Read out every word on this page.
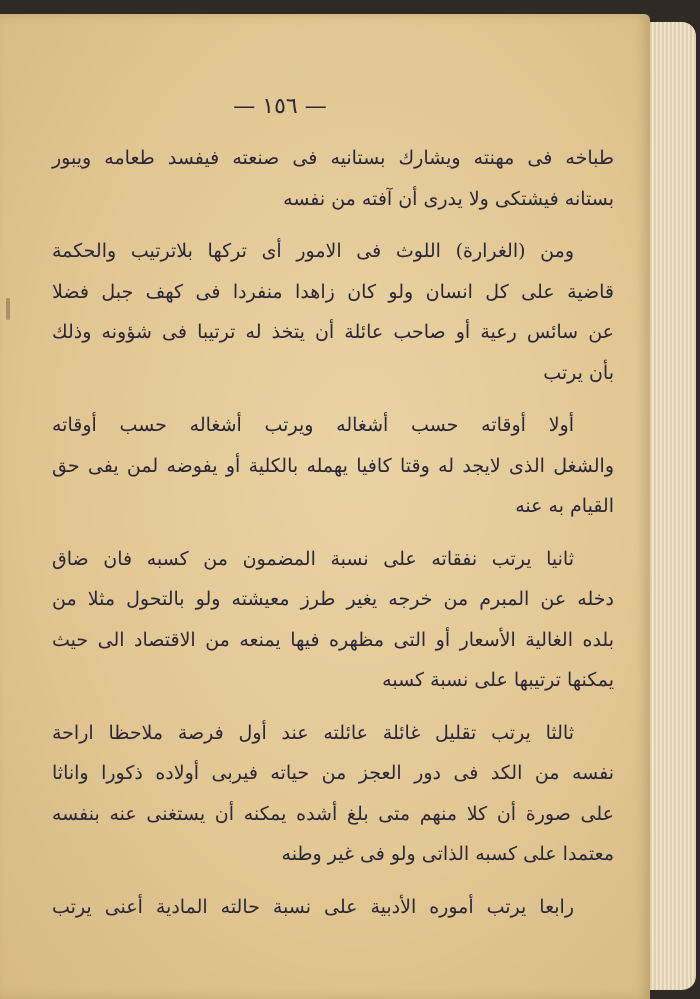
— ١٥٦ —
طباخه فى مهنته ويشارك بستانيه فى صنعته فيفسد طعامه ويبور
بستانه فيشتكى ولا يدرى أن آفته من نفسه
ومن (الغرارة) اللوث فى الامور أى تركها بلاترتيب والحكمة
قاضية على كل انسان ولو كان زاهدا منفردا فى كهف جبل فضلا
عن سائس رعية أو صاحب عائلة أن يتخذ له ترتيبا فى شؤونه وذلك
بأن يرتب
أولا أوقاته حسب أشغاله ويرتب أشغاله حسب أوقاته
والشغل الذى لايجد له وقتا كافيا يهمله بالكلية أو يفوضه لمن يفى حق
القيام به عنه
ثانيا يرتب نفقاته على نسبة المضمون من كسبه فان ضاق
دخله عن المبرم من خرجه يغير طرز معيشته ولو بالتحول مثلا من
بلده الغالية الأسعار أو التى مظهره فيها يمنعه من الاقتصاد الى حيث
يمكنها ترتيبها على نسبة كسبه
ثالثا يرتب تقليل غائلة عائلته عند أول فرصة ملاحظا اراحة
نفسه من الكد فى دور العجز من حياته فيربى أولاده ذكورا واناثا
على صورة أن كلا منهم متى بلغ أشده يمكنه أن يستغنى عنه بنفسه
معتمدا على كسبه الذاتى ولو فى غير وطنه
رابعا يرتب أموره الأدبية على نسبة حالته المادية أعنى يرتب
